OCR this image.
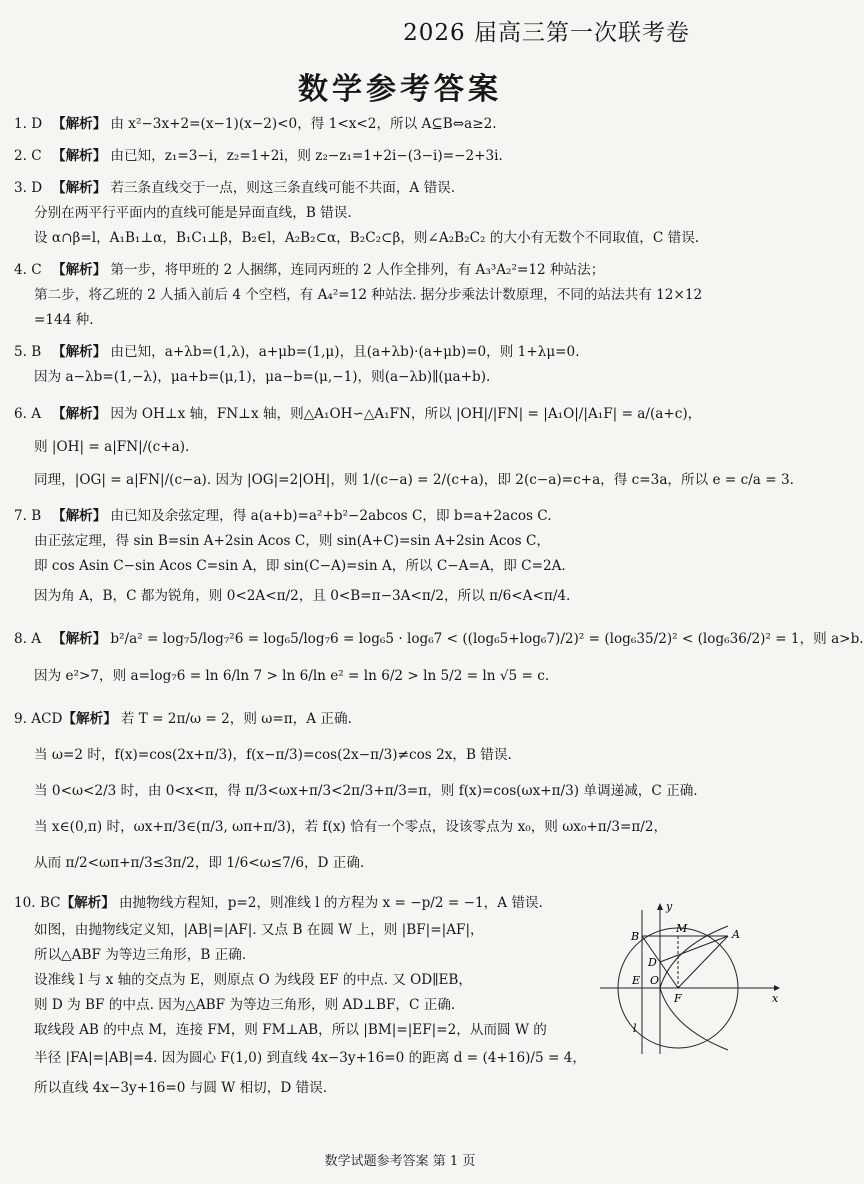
2026 届高三第一次联考卷
数学参考答案
1. D 【解析】 由 x²−3x+2=(x−1)(x−2)<0，得 1<x<2，所以 A⊆B⇔a≥2.
2. C 【解析】 由已知，z₁=3−i，z₂=1+2i，则 z₂−z₁=1+2i−(3−i)=−2+3i.
3. D 【解析】 若三条直线交于一点，则这三条直线可能不共面，A 错误.
分别在两平行平面内的直线可能是异面直线，B 错误.
设 α∩β=l，A₁B₁⊥α，B₁C₁⊥β，B₂∈l，A₂B₂⊂α，B₂C₂⊂β，则∠A₂B₂C₂ 的大小有无数个不同取值，C 错误.
4. C 【解析】 第一步，将甲班的 2 人捆绑，连同丙班的 2 人作全排列，有 A₃³A₂²=12 种站法；
第二步，将乙班的 2 人插入前后 4 个空档，有 A₄²=12 种站法. 据分步乘法计数原理，不同的站法共有 12×12
=144 种.
5. B 【解析】 由已知，a+λb=(1,λ)，a+μb=(1,μ)，且(a+λb)·(a+μb)=0，则 1+λμ=0.
因为 a−λb=(1,−λ)，μa+b=(μ,1)，μa−b=(μ,−1)，则(a−λb)∥(μa+b).
6. A 【解析】 因为 OH⊥x 轴，FN⊥x 轴，则△A₁OH∽△A₁FN，所以 |OH|/|FN| = |A₁O|/|A₁F| = a/(a+c)，
则 |OH| = a|FN|/(c+a).
同理，|OG| = a|FN|/(c−a). 因为 |OG|=2|OH|，则 1/(c−a) = 2/(c+a)，即 2(c−a)=c+a，得 c=3a，所以 e = c/a = 3.
7. B 【解析】 由已知及余弦定理，得 a(a+b)=a²+b²−2abcos C，即 b=a+2acos C.
由正弦定理，得 sin B=sin A+2sin Acos C，则 sin(A+C)=sin A+2sin Acos C，
即 cos Asin C−sin Acos C=sin A，即 sin(C−A)=sin A，所以 C−A=A，即 C=2A.
因为角 A，B，C 都为锐角，则 0<2A<π/2，且 0<B=π−3A<π/2，所以 π/6<A<π/4.
8. A 【解析】 b²/a² = log₇5/log₇²6 = log₆5/log₇6 = log₆5 · log₆7 < ((log₆5+log₆7)/2)² = (log₆35/2)² < (log₆36/2)² = 1，则 a>b.
因为 e²>7，则 a=log₇6 = ln 6/ln 7 > ln 6/ln e² = ln 6/2 > ln 5/2 = ln √5 = c.
9. ACD【解析】 若 T = 2π/ω = 2，则 ω=π，A 正确.
当 ω=2 时，f(x)=cos(2x+π/3)，f(x−π/3)=cos(2x−π/3)≠cos 2x，B 错误.
当 0<ω<2/3 时，由 0<x<π，得 π/3<ωx+π/3<2π/3+π/3=π，则 f(x)=cos(ωx+π/3) 单调递减，C 正确.
当 x∈(0,π) 时，ωx+π/3∈(π/3, ωπ+π/3)，若 f(x) 恰有一个零点，设该零点为 x₀，则 ωx₀+π/3=π/2，
从而 π/2<ωπ+π/3≤3π/2，即 1/6<ω≤7/6，D 正确.
10. BC【解析】 由抛物线方程知，p=2，则准线 l 的方程为 x = −p/2 = −1，A 错误.
如图，由抛物线定义知，|AB|=|AF|. 又点 B 在圆 W 上，则 |BF|=|AF|，
所以△ABF 为等边三角形，B 正确.
设准线 l 与 x 轴的交点为 E，则原点 O 为线段 EF 的中点. 又 OD∥EB，
则 D 为 BF 的中点. 因为△ABF 为等边三角形，则 AD⊥BF，C 正确.
取线段 AB 的中点 M，连接 FM，则 FM⊥AB，所以 |BM|=|EF|=2，从而圆 W 的
半径 |FA|=|AB|=4. 因为圆心 F(1,0) 到直线 4x−3y+16=0 的距离 d = (4+16)/5 = 4，
所以直线 4x−3y+16=0 与圆 W 相切，D 错误.
y
x
B
M	A
D
E O
F
l
数学试题参考答案 第 1 页
